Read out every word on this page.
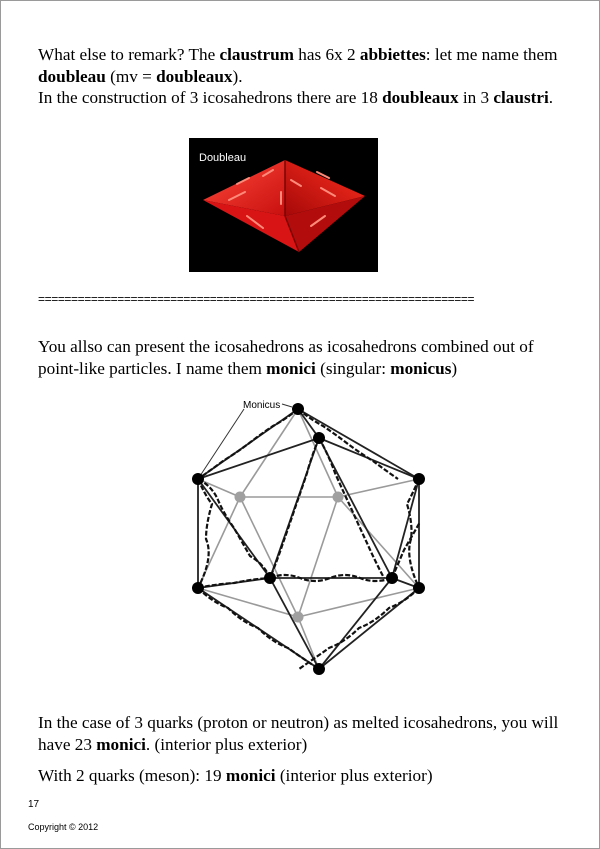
What else to remark? The claustrum has 6x 2 abbiettes: let me name them doubleau (mv = doubleaux).

In the construction of 3 icosahedrons there are 18 doubleaux in 3 claustri.

Doubleau
==================================================================

You allso can present the icosahedrons as icosahedrons combined out of point-like particles. I name them monici (singular: monicus)

Monicus

In the case of 3 quarks (proton or neutron) as melted icosahedrons, you will have 23 monici. (interior plus exterior)

With 2 quarks (meson): 19 monici (interior plus exterior)

17
Copyright © 2012
